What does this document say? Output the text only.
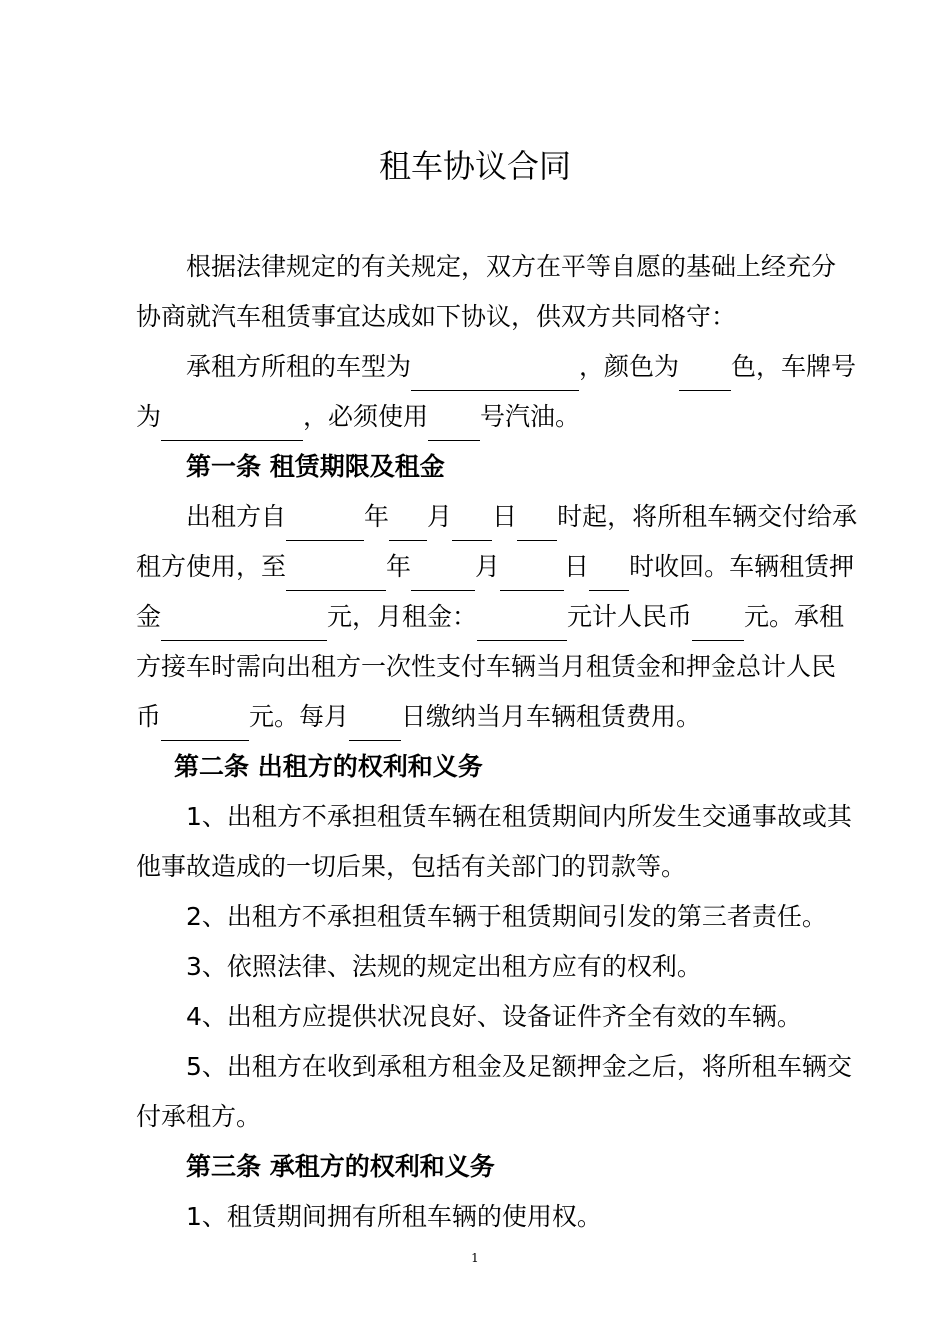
租车协议合同
根据法律规定的有关规定，双方在平等自愿的基础上经充分
协商就汽车租赁事宜达成如下协议，供双方共同格守：
承租方所租的车型为	，颜色为 色，车牌号
为	，必须使用 号汽油。
第一条 租赁期限及租金
出租方自	年 月 日 时起，将所租车辆交付给承
租方使用，至	年	月	日 时收回。车辆租赁押
金	元，月租金：	元计人民币 元。承租
方接车时需向出租方一次性支付车辆当月租赁金和押金总计人民
币	元。每月 日缴纳当月车辆租赁费用。
第二条 出租方的权利和义务
1、出租方不承担租赁车辆在租赁期间内所发生交通事故或其
他事故造成的一切后果，包括有关部门的罚款等。
2、出租方不承担租赁车辆于租赁期间引发的第三者责任。
3、依照法律、法规的规定出租方应有的权利。
4、出租方应提供状况良好、设备证件齐全有效的车辆。
5、出租方在收到承租方租金及足额押金之后，将所租车辆交
付承租方。
第三条 承租方的权利和义务
1、租赁期间拥有所租车辆的使用权。
1
